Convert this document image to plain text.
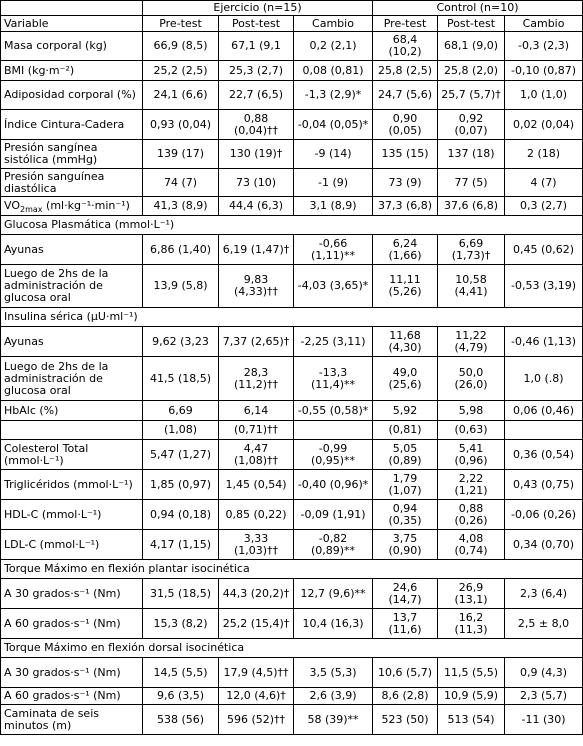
	Ejercicio (n=15)			Control (n=10)		
Variable	Pre-test	Post-test	Cambio	Pre-test	Post-test	Cambio
Masa corporal (kg)	66,9 (8,5)	67,1 (9,1	0,2 (2,1)	68,4 (10,2)	68,1 (9,0)	-0,3 (2,3)
BMI (kg·m⁻²)	25,2 (2,5)	25,3 (2,7)	0,08 (0,81)	25,8 (2,5)	25,8 (2,0)	-0,10 (0,87)
Adiposidad corporal (%)	24,1 (6,6)	22,7 (6,5)	-1,3 (2,9)*	24,7 (5,6)	25,7 (5,7)†	1,0 (1,0)
Índice Cintura-Cadera	0,93 (0,04)	0,88 (0,04)††	-0,04 (0,05)*	0,90 (0,05)	0,92 (0,07)	0,02 (0,04)
Presión sangínea sistólica (mmHg)	139 (17)	130 (19)†	-9 (14)	135 (15)	137 (18)	2 (18)
Presión sanguínea diastólica	74 (7)	73 (10)	-1 (9)	73 (9)	77 (5)	4 (7)
$VO_{2max}$ (ml·kg⁻¹·min⁻¹)	41,3 (8,9)	44,4 (6,3)	3,1 (8,9)	37,3 (6,8)	37,6 (6,8)	0,3 (2,7)
Glucosa Plasmática (mmol·L⁻¹)						
Ayunas	6,86 (1,40)	6,19 (1,47)†	-0,66 (1,11)**	6,24 (1,66)	6,69 (1,73)†	0,45 (0,62)
Luego de 2hs de la administración de glucosa oral	13,9 (5,8)	9,83 (4,33)††	-4,03 (3,65)*	11,11 (5,26)	10,58 (4,41)	-0,53 (3,19)
Insulina sérica (μU·ml⁻¹)						
Ayunas	9,62 (3,23	7,37 (2,65)†	-2,25 (3,11)	11,68 (4,30)	11,22 (4,79)	-0,46 (1,13)
Luego de 2hs de la administración de glucosa oral	41,5 (18,5)	28,3 (11,2)††	-13,3 (11,4)**	49,0 (25,6)	50,0 (26,0)	1,0 (.8)
HbAlc (%)	6,69	6,14	-0,55 (0,58)*	5,92	5,98	0,06 (0,46)
	(1,08)	(0,71)††		(0,81)	(0,63)	
Colesterol Total (mmol·L⁻¹)	5,47 (1,27)	4,47 (1,08)††	-0,99 (0,95)**	5,05 (0,89)	5,41 (0,96)	0,36 (0,54)
Triglicéridos (mmol·L⁻¹)	1,85 (0,97)	1,45 (0,54)	-0,40 (0,96)*	1,79 (1,07)	2,22 (1,21)	0,43 (0,75)
HDL-C (mmol·L⁻¹)	0,94 (0,18)	0,85 (0,22)	-0,09 (1,91)	0,94 (0,35)	0,88 (0,26)	-0,06 (0,26)
LDL-C (mmol·L⁻¹)	4,17 (1,15)	3,33 (1,03)††	-0,82 (0,89)**	3,75 (0,90)	4,08 (0,74)	0,34 (0,70)
Torque Máximo en flexión plantar isocinética						
A 30 grados·s⁻¹ (Nm)	31,5 (18,5)	44,3 (20,2)†	12,7 (9,6)**	24,6 (14,7)	26,9 (13,1)	2,3 (6,4)
A 60 grados·s⁻¹ (Nm)	15,3 (8,2)	25,2 (15,4)†	10,4 (16,3)	13,7 (11,6)	16,2 (11,3)	2,5 ± 8,0
Torque Máximo en flexión dorsal isocinética						
A 30 grados·s⁻¹ (Nm)	14,5 (5,5)	17,9 (4,5)††	3,5 (5,3)	10,6 (5,7)	11,5 (5,5)	0,9 (4,3)
A 60 grados·s⁻¹ (Nm)	9,6 (3,5)	12,0 (4,6)†	2,6 (3,9)	8,6 (2,8)	10,9 (5,9)	2,3 (5,7)
Caminata de seis minutos (m)	538 (56)	596 (52)††	58 (39)**	523 (50)	513 (54)	-11 (30)
